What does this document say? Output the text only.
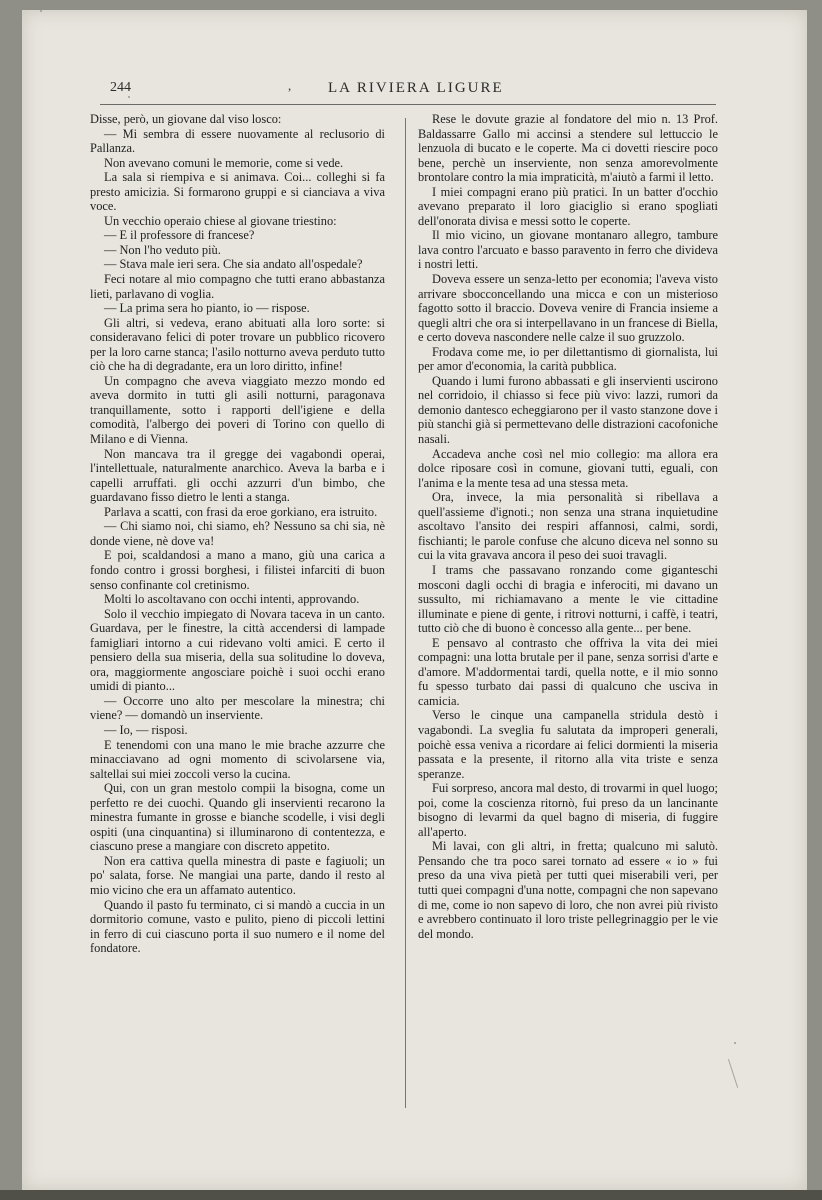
244	, LA RIVIERA LIGURE

Disse, però, un giovane dal viso losco:

— Mi sembra di essere nuovamente al reclusorio di Pallanza.

Non avevano comuni le memorie, come si vede.

La sala si riempiva e si animava. Coi... colleghi si fa presto amicizia. Si formarono gruppi e si cianciava a viva voce.

Un vecchio operaio chiese al giovane triestino:

— E il professore di francese?

— Non l'ho veduto più.

— Stava male ieri sera. Che sia andato all'ospedale?

Feci notare al mio compagno che tutti erano abbastanza lieti, parlavano di voglia.

— La prima sera ho pianto, io — rispose.

Gli altri, si vedeva, erano abituati alla loro sorte: si consideravano felici di poter trovare un pubblico ricovero per la loro carne stanca; l'asilo notturno aveva perduto tutto ciò che ha di degradante, era un loro diritto, infine!

Un compagno che aveva viaggiato mezzo mondo ed aveva dormito in tutti gli asili notturni, paragonava tranquillamente, sotto i rapporti dell'igiene e della comodità, l'albergo dei poveri di Torino con quello di Milano e di Vienna.

Non mancava tra il gregge dei vagabondi operai, l'intellettuale, naturalmente anarchico. Aveva la barba e i capelli arruffati. gli occhi azzurri d'un bimbo, che guardavano fisso dietro le lenti a stanga.

Parlava a scatti, con frasi da eroe gorkiano, era istruito.

— Chi siamo noi, chi siamo, eh? Nessuno sa chi sia, nè donde viene, nè dove va!

E poi, scaldandosi a mano a mano, giù una carica a fondo contro i grossi borghesi, i filistei infarciti di buon senso confinante col cretinismo.

Molti lo ascoltavano con occhi intenti, approvando.

Solo il vecchio impiegato di Novara taceva in un canto. Guardava, per le finestre, la città accendersi di lampade famigliari intorno a cui ridevano volti amici. E certo il pensiero della sua miseria, della sua solitudine lo doveva, ora, maggiormente angosciare poichè i suoi occhi erano umidi di pianto...

— Occorre uno alto per mescolare la minestra; chi viene? — domandò un inserviente.

— Io, — risposi.

E tenendomi con una mano le mie brache azzurre che minacciavano ad ogni momento di scivolarsene via, saltellai sui miei zoccoli verso la cucina.

Qui, con un gran mestolo compii la bisogna, come un perfetto re dei cuochi. Quando gli inservienti recarono la minestra fumante in grosse e bianche scodelle, i visi degli ospiti (una cinquantina) si illuminarono di contentezza, e ciascuno prese a mangiare con discreto appetito.

Non era cattiva quella minestra di paste e fagiuoli; un po' salata, forse. Ne mangiai una parte, dando il resto al mio vicino che era un affamato autentico.

Quando il pasto fu terminato, ci si mandò a cuccia in un dormitorio comune, vasto e pulito, pieno di piccoli lettini in ferro di cui ciascuno porta il suo numero e il nome del fondatore.

Rese le dovute grazie al fondatore del mio n. 13 Prof. Baldassarre Gallo mi accinsi a stendere sul lettuccio le lenzuola di bucato e le coperte. Ma ci dovetti riescire poco bene, perchè un inserviente, non senza amorevolmente brontolare contro la mia impraticità, m'aiutò a farmi il letto.

I miei compagni erano più pratici. In un batter d'occhio avevano preparato il loro giaciglio si erano spogliati dell'onorata divisa e messi sotto le coperte.

Il mio vicino, un giovane montanaro allegro, tambure lava contro l'arcuato e basso paravento in ferro che divideva i nostri letti.

Doveva essere un senza-letto per economia; l'aveva visto arrivare sbocconcellando una micca e con un misterioso fagotto sotto il braccio. Doveva venire di Francia insieme a quegli altri che ora si interpellavano in un francese di Biella, e certo doveva nascondere nelle calze il suo gruzzolo.

Frodava come me, io per dilettantismo di giornalista, lui per amor d'economia, la carità pubblica.

Quando i lumi furono abbassati e gli inservienti uscirono nel corridoio, il chiasso si fece più vivo: lazzi, rumori da demonio dantesco echeggiarono per il vasto stanzone dove i più stanchi già si permettevano delle distrazioni cacofoniche nasali.

Accadeva anche così nel mio collegio: ma allora era dolce riposare così in comune, giovani tutti, eguali, con l'anima e la mente tesa ad una stessa meta.

Ora, invece, la mia personalità si ribellava a quell'assieme d'ignoti.; non senza una strana inquietudine ascoltavo l'ansito dei respiri affannosi, calmi, sordi, fischianti; le parole confuse che alcuno diceva nel sonno su cui la vita gravava ancora il peso dei suoi travagli.

I trams che passavano ronzando come giganteschi mosconi dagli occhi di bragia e inferociti, mi davano un sussulto, mi richiamavano a mente le vie cittadine illuminate e piene di gente, i ritrovi notturni, i caffè, i teatri, tutto ciò che di buono è concesso alla gente... per bene.

E pensavo al contrasto che offriva la vita dei miei compagni: una lotta brutale per il pane, senza sorrisi d'arte e d'amore. M'addormentai tardi, quella notte, e il mio sonno fu spesso turbato dai passi di qualcuno che usciva in camicia.

Verso le cinque una campanella stridula destò i vagabondi. La sveglia fu salutata da improperi generali, poichè essa veniva a ricordare ai felici dormienti la miseria passata e la presente, il ritorno alla vita triste e senza speranze.

Fui sorpreso, ancora mal desto, di trovarmi in quel luogo; poi, come la coscienza ritornò, fui preso da un lancinante bisogno di levarmi da quel bagno di miseria, di fuggire all'aperto.

Mi lavai, con gli altri, in fretta; qualcuno mi salutò. Pensando che tra poco sarei tornato ad essere « io » fui preso da una viva pietà per tutti quei miserabili veri, per tutti quei compagni d'una notte, compagni che non sapevano di me, come io non sapevo di loro, che non avrei più rivisto e avrebbero continuato il loro triste pellegrinaggio per le vie del mondo.
